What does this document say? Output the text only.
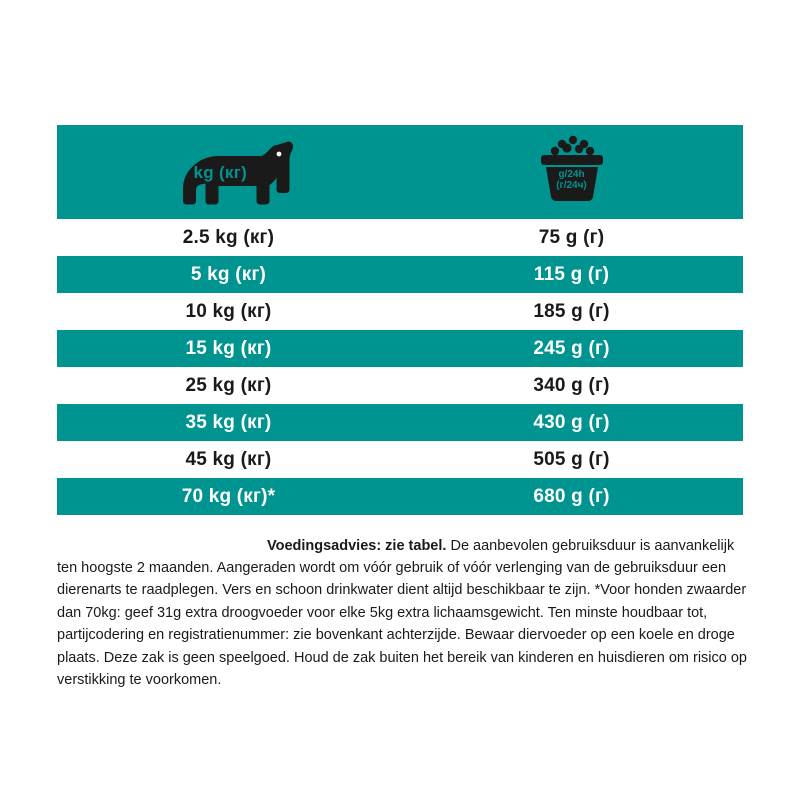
kg (кг)
	g/24h
(г/24ч)
2.5 kg (кг)	75 g (г)
5 kg (кг)	115 g (г)
10 kg (кг)	185 g (г)
15 kg (кг)	245 g (г)
25 kg (кг)	340 g (г)
35 kg (кг)	430 g (г)
45 kg (кг)	505 g (г)
70 kg (кг)*	680 g (г)

Voedingsadvies: zie tabel. De aanbevolen gebruiksduur is aanvankelijk ten hoogste 2 maanden. Aangeraden wordt om vóór gebruik of vóór verlenging van de gebruiksduur een dierenarts te raadplegen. Vers en schoon drinkwater dient altijd beschikbaar te zijn. *Voor honden zwaarder dan 70kg: geef 31g extra droogvoeder voor elke 5kg extra lichaamsgewicht. Ten minste houdbaar tot, partijcodering en registratienummer: zie bovenkant achterzijde. Bewaar diervoeder op een koele en droge plaats. Deze zak is geen speelgoed. Houd de zak buiten het bereik van kinderen en huisdieren om risico op verstikking te voorkomen.
